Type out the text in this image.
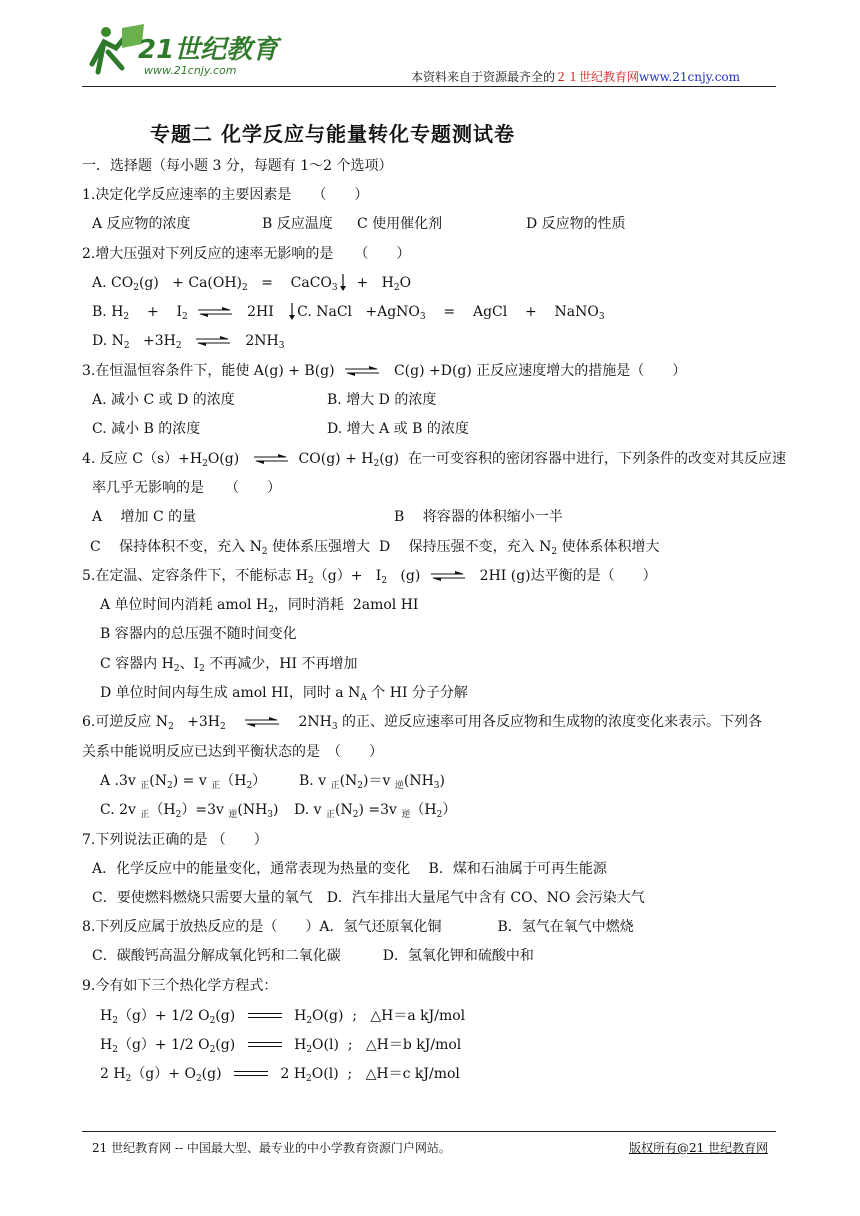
21世纪教育
www.21cnjy.com	本资料来自于资源最齐全的２１世纪教育网www.21cnjy.com
专题二 化学反应与能量转化专题测试卷
一．选择题（每小题 3 分，每题有 1～2 个选项）
1.决定化学反应速率的主要因素是　　（　　）
A 反应物的浓度	B 反应温度 C 使用催化剂	D 反应物的性质
2.增大压强对下列反应的速率无影响的是　　（　　）
A. $CO_2(g) + Ca(OH)_2$   =    CaCO$_3$  +   $H_2O$
B. $H_2$    +    $I_2$ ⇌ 2HI   C. NaCl   +AgNO$_3$    =    AgCl    +    NaNO$_3$
D. $N_2 +3H_2$ ⇌ $2NH_3$
3.在恒温恒容条件下，能使 A(g) + B(g) ⇌ C(g) +D(g) 正反应速度增大的措施是（　　）
A. 减小 C 或 D 的浓度	B. 增大 D 的浓度
C. 减小 B 的浓度	D. 增大 A 或 B 的浓度
4. 反应 $C(s)+H_2O(g)$ ⇌ $CO(g) + H_2(g)$  在一可变容积的密闭容器中进行，下列条件的改变对其反应速
率几乎无影响的是　　（　　）
A　 增加 C 的量	B　 将容器的体积缩小一半
C　 保持体积不变，充入 $N_2$ 使体系压强增大  D　 保持压强不变，充入 $N_2$ 使体系体积增大
5.在定温、定容条件下，不能标志 $H_2(g)+ I_2$   (g) ⇌ 2HI (g)达平衡的是（　　）
A 单位时间内消耗 amol $H_2$，同时消耗  2amol HI
B 容器内的总压强不随时间变化
C 容器内 $H_2$、$I_2$ 不再减少，HI 不再增加
D 单位时间内每生成 amol HI，同时 a $N_A$ 个 HI 分子分解
6.可逆反应 $N_2 +3H_2$ ⇌ $2NH_3$ 的正、逆反应速率可用各反应物和生成物的浓度变化来表示。下列各
关系中能说明反应已达到平衡状态的是　（　　）
A .3v $_正(N_2) = v$ $_正(H_2)$ B. v $_正(N_2)=v$ $_逆(NH_3)$
C. 2v $_正(H_2)=3v$ $_逆(NH_3)$ D. v $_正(N_2) =3v$ $_逆(H_2)$
7.下列说法正确的是 （　　）
A．化学反应中的能量变化，通常表现为热量的变化　 B．煤和石油属于可再生能源
C．要使燃料燃烧只需要大量的氧气　D．汽车排出大量尾气中含有 CO、NO 会污染大气
8.下列反应属于放热反应的是（　　）A．氢气还原氧化铜　　　　B．氢气在氧气中燃烧
C．碳酸钙高温分解成氧化钙和二氧化碳　　　D．氢氧化钾和硫酸中和
9.今有如下三个热化学方程式：
$H_2(g)+ 1/2$ $O_2(g)$	$H_2O(g)$  ;   △H＝a kJ/mol
$H_2(g)+ 1/2$ $O_2(g)$	$H_2O(l)$  ;   △H＝b kJ/mol
2 $H_2(g)+ O_2(g)$	2 $H_2O(l)$  ;   △H＝c kJ/mol
21 世纪教育网 -- 中国最大型、最专业的中小学教育资源门户网站。	版权所有@21 世纪教育网
